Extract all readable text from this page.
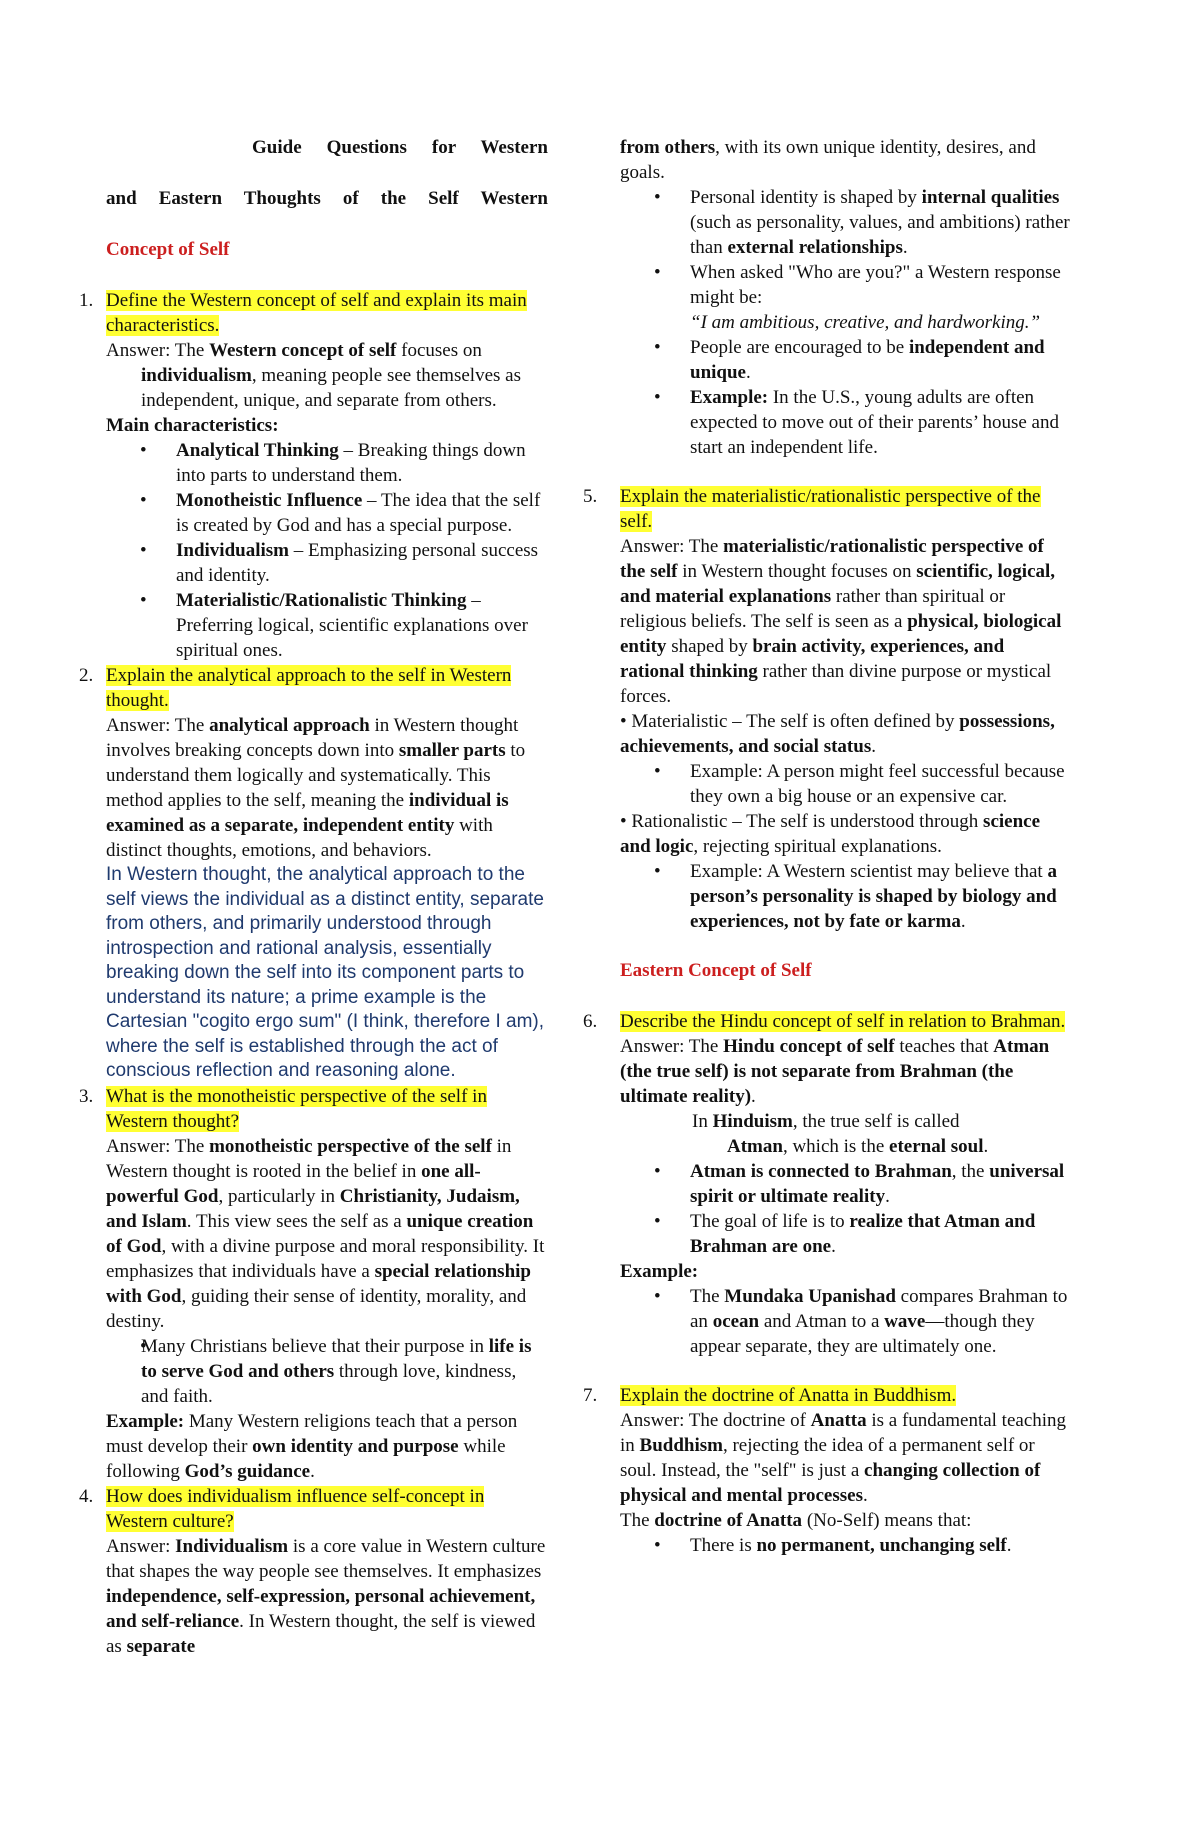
Guide Questions for Western

and Eastern Thoughts of the Self Western

Concept of Self

1. Define the Western concept of self and explain its main characteristics.

Answer: The Western concept of self focuses on

individualism, meaning people see themselves as independent, unique, and separate from others.

Main characteristics:

• Analytical Thinking – Breaking things down into parts to understand them.
• Monotheistic Influence – The idea that the self is created by God and has a special purpose.
• Individualism – Emphasizing personal success and identity.
• Materialistic/Rationalistic Thinking – Preferring logical, scientific explanations over spiritual ones.
2. Explain the analytical approach to the self in Western thought.

Answer: The analytical approach in Western thought involves breaking concepts down into smaller parts to understand them logically and systematically. This method applies to the self, meaning the individual is examined as a separate, independent entity with distinct thoughts, emotions, and behaviors.

In Western thought, the analytical approach to the self views the individual as a distinct entity, separate from others, and primarily understood through introspection and rational analysis, essentially breaking down the self into its component parts to understand its nature; a prime example is the Cartesian "cogito ergo sum" (I think, therefore I am), where the self is established through the act of conscious reflection and reasoning alone.

3. What is the monotheistic perspective of the self in Western thought?

Answer: The monotheistic perspective of the self in Western thought is rooted in the belief in one all-powerful God, particularly in Christianity, Judaism, and Islam. This view sees the self as a unique creation of God, with a divine purpose and moral responsibility. It emphasizes that individuals have a special relationship with God, guiding their sense of identity, morality, and destiny.

• Many Christians believe that their purpose in life is to serve God and others through love, kindness, and faith.

Example: Many Western religions teach that a person must develop their own identity and purpose while following God’s guidance.

4. How does individualism influence self-concept in Western culture?

Answer: Individualism is a core value in Western culture that shapes the way people see themselves. It emphasizes independence, self-expression, personal achievement, and self-reliance. In Western thought, the self is viewed as separate

from others, with its own unique identity, desires, and goals.

• Personal identity is shaped by internal qualities (such as personality, values, and ambitions) rather than external relationships.
• When asked "Who are you?" a Western response might be:
“I am ambitious, creative, and hardworking.”
• People are encouraged to be independent and unique.
• Example: In the U.S., young adults are often expected to move out of their parents’ house and start an independent life.
5.	Explain the materialistic/rationalistic perspective of the self.

Answer: The materialistic/rationalistic perspective of the self in Western thought focuses on scientific, logical, and material explanations rather than spiritual or religious beliefs. The self is seen as a physical, biological entity shaped by brain activity, experiences, and rational thinking rather than divine purpose or mystical forces.

• Materialistic – The self is often defined by possessions, achievements, and social status.

• Example: A person might feel successful because they own a big house or an expensive car.

• Rationalistic – The self is understood through science and logic, rejecting spiritual explanations.

• Example: A Western scientist may believe that a person’s personality is shaped by biology and experiences, not by fate or karma.

Eastern Concept of Self

6.	Describe the Hindu concept of self in relation to Brahman.

Answer: The Hindu concept of self teaches that Atman (the true self) is not separate from Brahman (the ultimate reality).

In Hinduism, the true self is called

Atman, which is the eternal soul.

• Atman is connected to Brahman, the universal spirit or ultimate reality.
• The goal of life is to realize that Atman and Brahman are one.

Example:

• The Mundaka Upanishad compares Brahman to an ocean and Atman to a wave—though they appear separate, they are ultimately one.
7.	Explain the doctrine of Anatta in Buddhism.

Answer: The doctrine of Anatta is a fundamental teaching in Buddhism, rejecting the idea of a permanent self or soul. Instead, the "self" is just a changing collection of physical and mental processes.

The doctrine of Anatta (No-Self) means that:

• There is no permanent, unchanging self.
